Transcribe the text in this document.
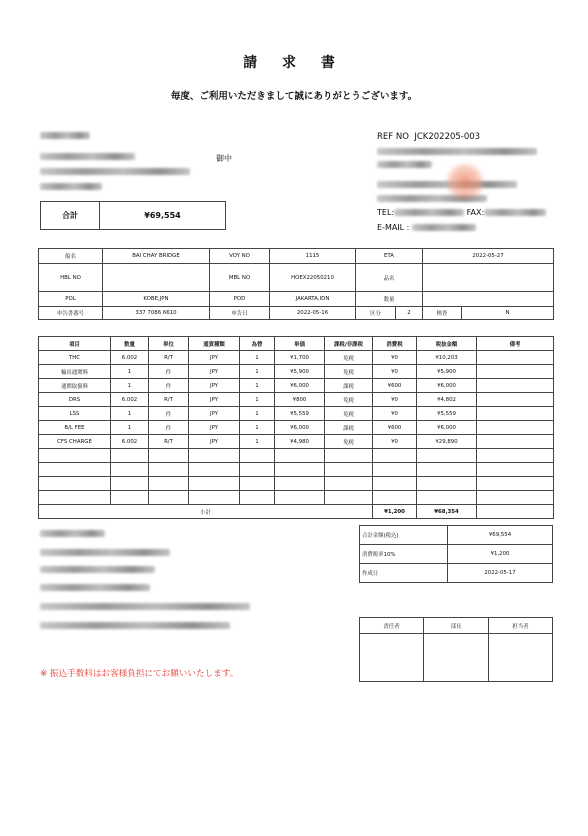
請 求 書
毎度、ご利用いただきまして誠にありがとうございます。
御中
合計	¥69,554
REF NO JCK202205-003
TEL:	FAX:
E-MAIL :
船名	BAI CHAY BRIDGE	VOY NO	1115	ETA		2022-05-27	
HBL NO		MBL NO	HOEX22050210	品名			
POL	KOBE,JPN	POD	JAKARTA,IDN	数量			
申告書番号	337 7086 6610	申告日	2022-05-16	区分	2	検査	N
項目	数量	単位	通貨種類	為替	単価	課税/非課税	消費税	税抜金額	備考
THC	6.002	R/T	JPY	1	¥1,700	免税	¥0	¥10,203	
輸出通関料	1	件	JPY	1	¥5,900	免税	¥0	¥5,900	
通関取扱料	1	件	JPY	1	¥6,000	課税	¥600	¥6,000	
DRS	6.002	R/T	JPY	1	¥800	免税	¥0	¥4,802	
LSS	1	件	JPY	1	¥5,559	免税	¥0	¥5,559	
B/L FEE	1	件	JPY	1	¥6,000	課税	¥600	¥6,000	
CFS CHARGE	6.002	R/T	JPY	1	¥4,980	免税	¥0	¥29,890	

小計							¥1,200	¥68,354	
合計金額(税込)	¥69,554
消費税率10%	¥1,200
作成日	2022-05-17
責任者	部長	担当者

※ 振込手数料はお客様負担にてお願いいたします。
